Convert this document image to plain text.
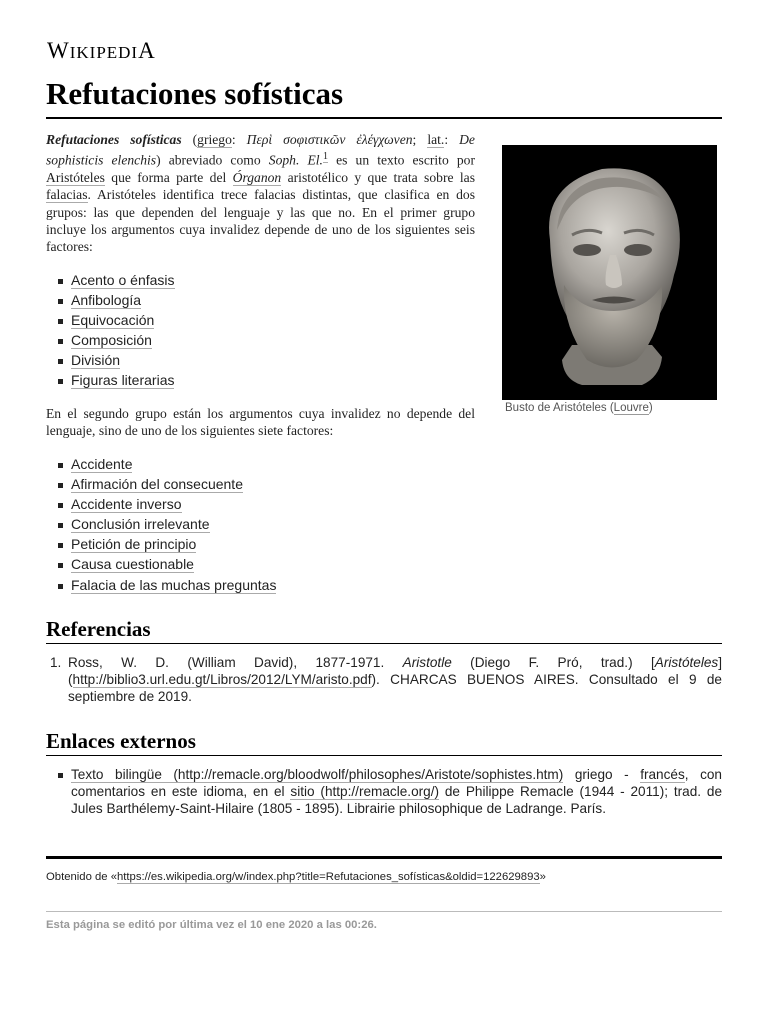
WIKIPEDIA
Refutaciones sofísticas

Refutaciones sofísticas (griego: Περὶ σοφιστικῶν ἐλέγχωνen; lat.: De sophisticis elenchis) abreviado como Soph. El.$^1$ es un texto escrito por Aristóteles que forma parte del Órganon aristotélico y que trata sobre las falacias. Aristóteles identifica trece falacias distintas, que clasifica en dos grupos: las que dependen del lenguaje y las que no. En el primer grupo incluye los argumentos cuya invalidez depende de uno de los siguientes seis factores:

Acento o énfasis
Anfibología
Equivocación
Composición
División
Figuras literarias

En el segundo grupo están los argumentos cuya invalidez no depende del lenguaje, sino de uno de los siguientes siete factores:

Accidente
Afirmación del consecuente
Accidente inverso
Conclusión irrelevante
Petición de principio
Causa cuestionable
Falacia de las muchas preguntas
Busto de Aristóteles (Louvre)
Referencias
1. Ross, W. D. (William David), 1877-1971. Aristotle (Diego F. Pró, trad.) [Aristóteles] (http://biblio3.url.edu.gt/Libros/2012/LYM/aristo.pdf). CHARCAS BUENOS AIRES. Consultado el 9 de septiembre de 2019.
Enlaces externos
Texto bilingüe (http://remacle.org/bloodwolf/philosophes/Aristote/sophistes.htm) griego - francés, con comentarios en este idioma, en el sitio (http://remacle.org/) de Philippe Remacle (1944 - 2011); trad. de Jules Barthélemy-Saint-Hilaire (1805 - 1895). Librairie philosophique de Ladrange. París.
Obtenido de «https://es.wikipedia.org/w/index.php?title=Refutaciones_sofísticas&oldid=122629893»
Esta página se editó por última vez el 10 ene 2020 a las 00:26.
